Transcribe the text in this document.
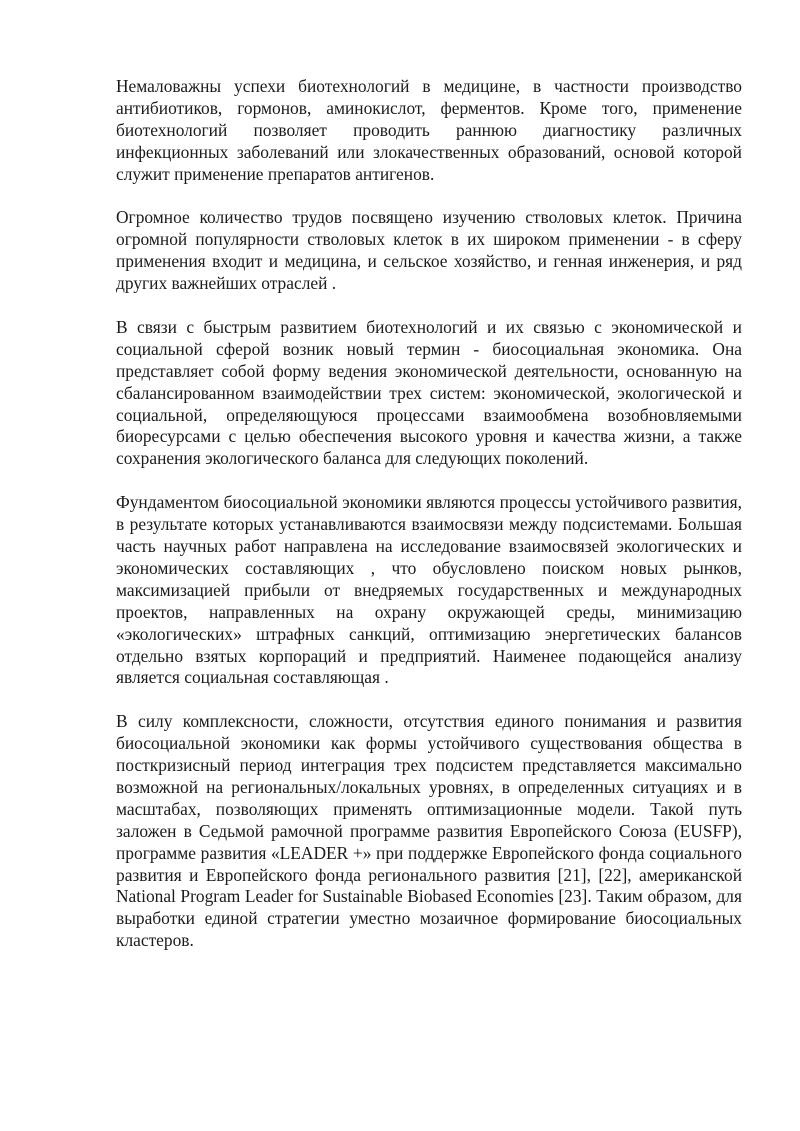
Немаловажны успехи биотехнологий в медицине, в частности производство антибиотиков, гормонов, аминокислот, ферментов. Кроме того, применение биотехнологий позволяет проводить раннюю диагностику различных инфекционных заболеваний или злокачественных образований, основой которой служит применение препаратов антигенов.

Огромное количество трудов посвящено изучению стволовых клеток. Причина огромной популярности стволовых клеток в их широком применении - в сферу применения входит и медицина, и сельское хозяйство, и генная инженерия, и ряд других важнейших отраслей .

В связи с быстрым развитием биотехнологий и их связью с экономической и социальной сферой возник новый термин - биосоциальная экономика. Она представляет собой форму ведения экономической деятельности, основанную на сбалансированном взаимодействии трех систем: экономической, экологической и социальной, определяющуюся процессами взаимообмена возобновляемыми биоресурсами с целью обеспечения высокого уровня и качества жизни, а также сохранения экологического баланса для следующих поколений.

Фундаментом биосоциальной экономики являются процессы устойчивого развития, в результате которых устанавливаются взаимосвязи между подсистемами. Большая часть научных работ направлена на исследование взаимосвязей экологических и экономических составляющих , что обусловлено поиском новых рынков, максимизацией прибыли от внедряемых государственных и международных проектов, направленных на охрану окружающей среды, минимизацию «экологических» штрафных санкций, оптимизацию энергетических балансов отдельно взятых корпораций и предприятий. Наименее подающейся анализу является социальная составляющая .

В силу комплексности, сложности, отсутствия единого понимания и развития биосоциальной экономики как формы устойчивого существования общества в посткризисный период интеграция трех подсистем представляется максимально возможной на региональных/локальных уровнях, в определенных ситуациях и в масштабах, позволяющих применять оптимизационные модели. Такой путь заложен в Седьмой рамочной программе развития Европейского Союза (EUSFP), программе развития «LEADER +» при поддержке Европейского фонда социального развития и Европейского фонда регионального развития [21], [22], американской National Program Leader for Sustainable Biobased Economies [23]. Таким образом, для выработки единой стратегии уместно мозаичное формирование биосоциальных кластеров.
